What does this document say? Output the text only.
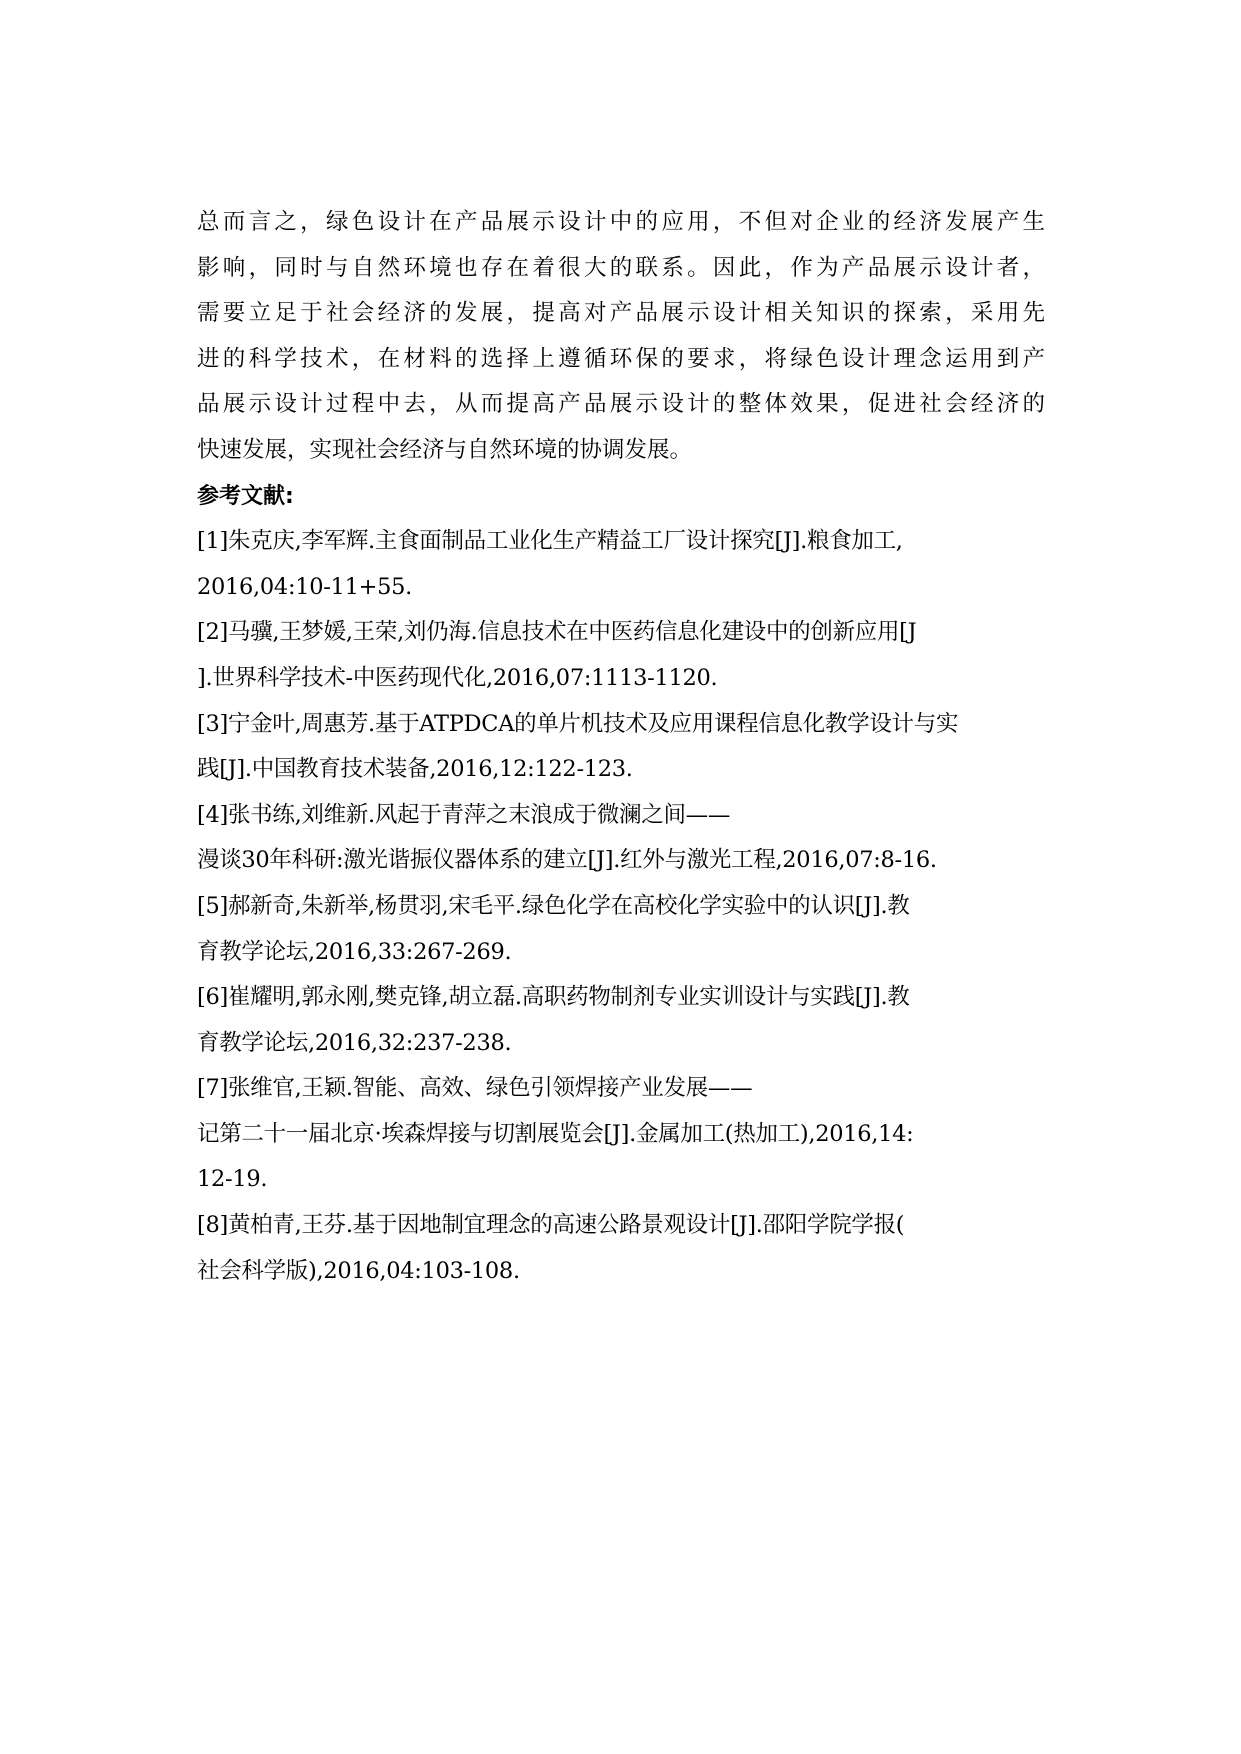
总而言之，绿色设计在产品展示设计中的应用，不但对企业的经济发展产生

影响，同时与自然环境也存在着很大的联系。因此，作为产品展示设计者，

需要立足于社会经济的发展，提高对产品展示设计相关知识的探索，采用先

进的科学技术，在材料的选择上遵循环保的要求，将绿色设计理念运用到产

品展示设计过程中去，从而提高产品展示设计的整体效果，促进社会经济的

快速发展，实现社会经济与自然环境的协调发展。

参考文献:

[1]朱克庆,李军辉.主食面制品工业化生产精益工厂设计探究[J].粮食加工,

2016,04:10-11+55.

[2]马骥,王梦媛,王荣,刘仍海.信息技术在中医药信息化建设中的创新应用[J

].世界科学技术-中医药现代化,2016,07:1113-1120.

[3]宁金叶,周惠芳.基于ATPDCA的单片机技术及应用课程信息化教学设计与实

践[J].中国教育技术装备,2016,12:122-123.

[4]张书练,刘维新.风起于青萍之末浪成于微澜之间——

漫谈30年科研:激光谐振仪器体系的建立[J].红外与激光工程,2016,07:8-16.

[5]郝新奇,朱新举,杨贯羽,宋毛平.绿色化学在高校化学实验中的认识[J].教

育教学论坛,2016,33:267-269.

[6]崔耀明,郭永刚,樊克锋,胡立磊.高职药物制剂专业实训设计与实践[J].教

育教学论坛,2016,32:237-238.

[7]张维官,王颖.智能、高效、绿色引领焊接产业发展——

记第二十一届北京·埃森焊接与切割展览会[J].金属加工(热加工),2016,14:

12-19.

[8]黄柏青,王芬.基于因地制宜理念的高速公路景观设计[J].邵阳学院学报(

社会科学版),2016,04:103-108.
